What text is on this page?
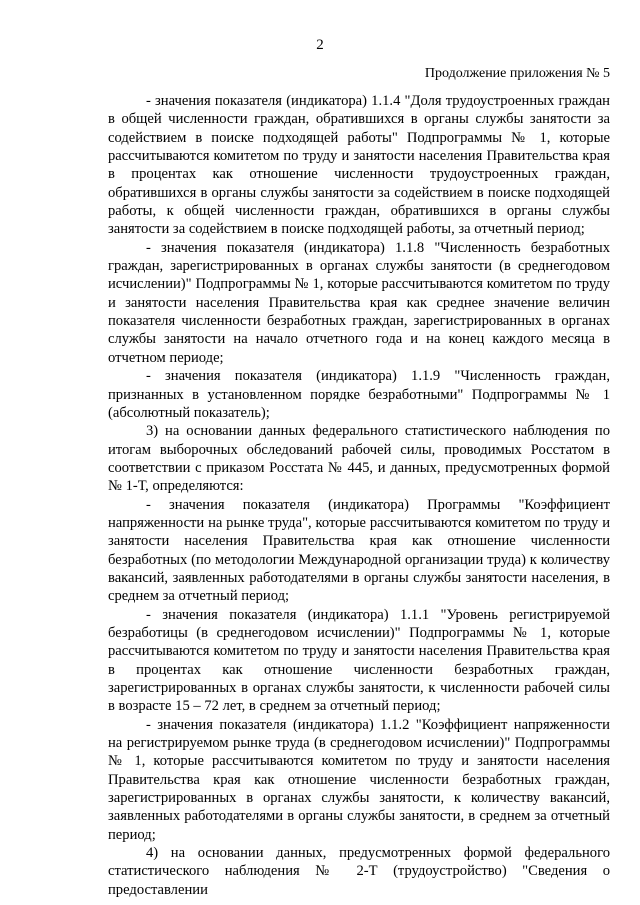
2
Продолжение приложения № 5

- значения показателя (индикатора) 1.1.4 "Доля трудоустроенных граждан в общей численности граждан, обратившихся в органы службы занятости за содействием в поиске подходящей работы" Подпрограммы № 1, которые рассчитываются комитетом по труду и занятости населения Правительства края в процентах как отношение численности трудоустроенных граждан, обратившихся в органы службы занятости за содействием в поиске подходящей работы, к общей численности граждан, обратившихся в органы службы занятости за содействием в поиске подходящей работы, за отчетный период;

- значения показателя (индикатора) 1.1.8 "Численность безработных граждан, зарегистрированных в органах службы занятости (в среднегодовом исчислении)" Подпрограммы № 1, которые рассчитываются комитетом по труду и занятости населения Правительства края как среднее значение величин показателя численности безработных граждан, зарегистрированных в органах службы занятости на начало отчетного года и на конец каждого месяца в отчетном периоде;

- значения показателя (индикатора) 1.1.9 "Численность граждан, признанных в установленном порядке безработными" Подпрограммы № 1 (абсолютный показатель);

3) на основании данных федерального статистического наблюдения по итогам выборочных обследований рабочей силы, проводимых Росстатом в соответствии с приказом Росстата № 445, и данных, предусмотренных формой № 1-Т, определяются:

- значения показателя (индикатора) Программы "Коэффициент напряженности на рынке труда", которые рассчитываются комитетом по труду и занятости населения Правительства края как отношение численности безработных (по методологии Международной организации труда) к количеству вакансий, заявленных работодателями в органы службы занятости населения, в среднем за отчетный период;

- значения показателя (индикатора) 1.1.1 "Уровень регистрируемой безработицы (в среднегодовом исчислении)" Подпрограммы № 1, которые рассчитываются комитетом по труду и занятости населения Правительства края в процентах как отношение численности безработных граждан, зарегистрированных в органах службы занятости, к численности рабочей силы в возрасте 15 – 72 лет, в среднем за отчетный период;

- значения показателя (индикатора) 1.1.2 "Коэффициент напряженности на регистрируемом рынке труда (в среднегодовом исчислении)" Подпрограммы № 1, которые рассчитываются комитетом по труду и занятости населения Правительства края как отношение численности безработных граждан, зарегистрированных в органах службы занятости, к количеству вакансий, заявленных работодателями в органы службы занятости, в среднем за отчетный период;

4) на основании данных, предусмотренных формой федерального статистического наблюдения № 2-Т (трудоустройство) "Сведения о предоставлении
